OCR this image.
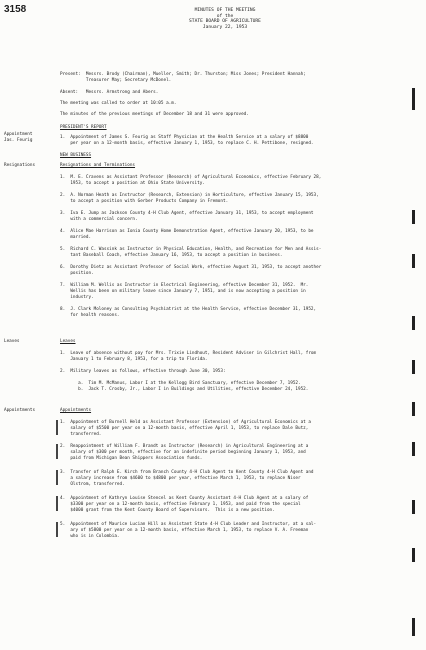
3158	MINUTES OF THE MEETING
of the
STATE BOARD OF AGRICULTURE
January 22, 1953
Present:  Messrs. Brody (Chairman), Mueller, Smith; Dr. Thurston; Miss Jones; President Hannah;
Treasurer May; Secretary McDonel.
Absent:   Messrs. Armstrong and Abers.
The meeting was called to order at 10:05 a.m.
The minutes of the previous meetings of December 18 and 31 were approved.
PRESIDENT'S REPORT
Appointment
Jas. Feurig
1.  Appointment of James S. Feurig as Staff Physician at the Health Service at a salary of $8800
per year on a 12-month basis, effective January 1, 1953, to replace C. H. Pettibone, resigned.
NEW BUSINESS
Resignations	Resignations and Terminations
1.  M. E. Cravens as Assistant Professor (Research) of Agricultural Economics, effective February 28,
1953, to accept a position at Ohio State University.
2.  A. Norman Heath as Instructor (Research, Extension) in Horticulture, effective January 15, 1953,
to accept a position with Gerber Products Company in Fremont.
3.  Iva E. Jump as Jackson County 4-H Club Agent, effective January 31, 1953, to accept employment
with a commercial concern.
4.  Alice Mae Harrison as Ionia County Home Demonstration Agent, effective January 20, 1953, to be
married.
5.  Richard C. Wassink as Instructor in Physical Education, Health, and Recreation for Men and Assis-
tant Baseball Coach, effective January 16, 1953, to accept a position in business.
6.  Dorothy Dietz as Assistant Professor of Social Work, effective August 31, 1953, to accept another
position.
7.  William M. Wellis as Instructor in Electrical Engineering, effective December 31, 1952.  Mr.
Wellis has been on military leave since January 7, 1951, and is now accepting a position in
industry.
8.  J. Clark Moloney as Consulting Psychiatrist at the Health Service, effective December 31, 1952,
for health reasons.
Leaves	Leaves
1.  Leave of absence without pay for Mrs. Trixie Lindhout, Resident Adviser in Gilchrist Hall, from
January 1 to February 8, 1953, for a trip to Florida.
2.  Military leaves as follows, effective through June 30, 1953:
a.  Tim M. McManus, Labor I at the Kellogg Bird Sanctuary, effective December 7, 1952.
b.  Jack T. Crosby, Jr., Labor I in Buildings and Utilities, effective December 24, 1952.
Appointments	Appointments
1.  Appointment of Burnell Held as Assistant Professor (Extension) of Agricultural Economics at a
salary of $5500 per year on a 12-month basis, effective April 1, 1953, to replace Dale Butz,
transferred.
2.  Reappointment of William F. Brandt as Instructor (Research) in Agricultural Engineering at a
salary of $300 per month, effective for an indefinite period beginning January 1, 1953, and
paid from Michigan Bean Shippers Association funds.
3.  Transfer of Ralph E. Kirch from Branch County 4-H Club Agent to Kent County 4-H Club Agent and
a salary increase from $4600 to $4800 per year, effective March 1, 1953, to replace Niser
Olstrom, transferred.
4.  Appointment of Kathryn Louise Stencel as Kent County Assistant 4-H Club Agent at a salary of
$3300 per year on a 12-month basis, effective February 1, 1953, and paid from the special
$4000 grant from the Kent County Board of Supervisors.  This is a new position.
5.  Appointment of Maurice Lucian Hill as Assistant State 4-H Club Leader and Instructor, at a sal-
ary of $5800 per year on a 12-month basis, effective March 1, 1953, to replace V. A. Freeman
who is in Colombia.
